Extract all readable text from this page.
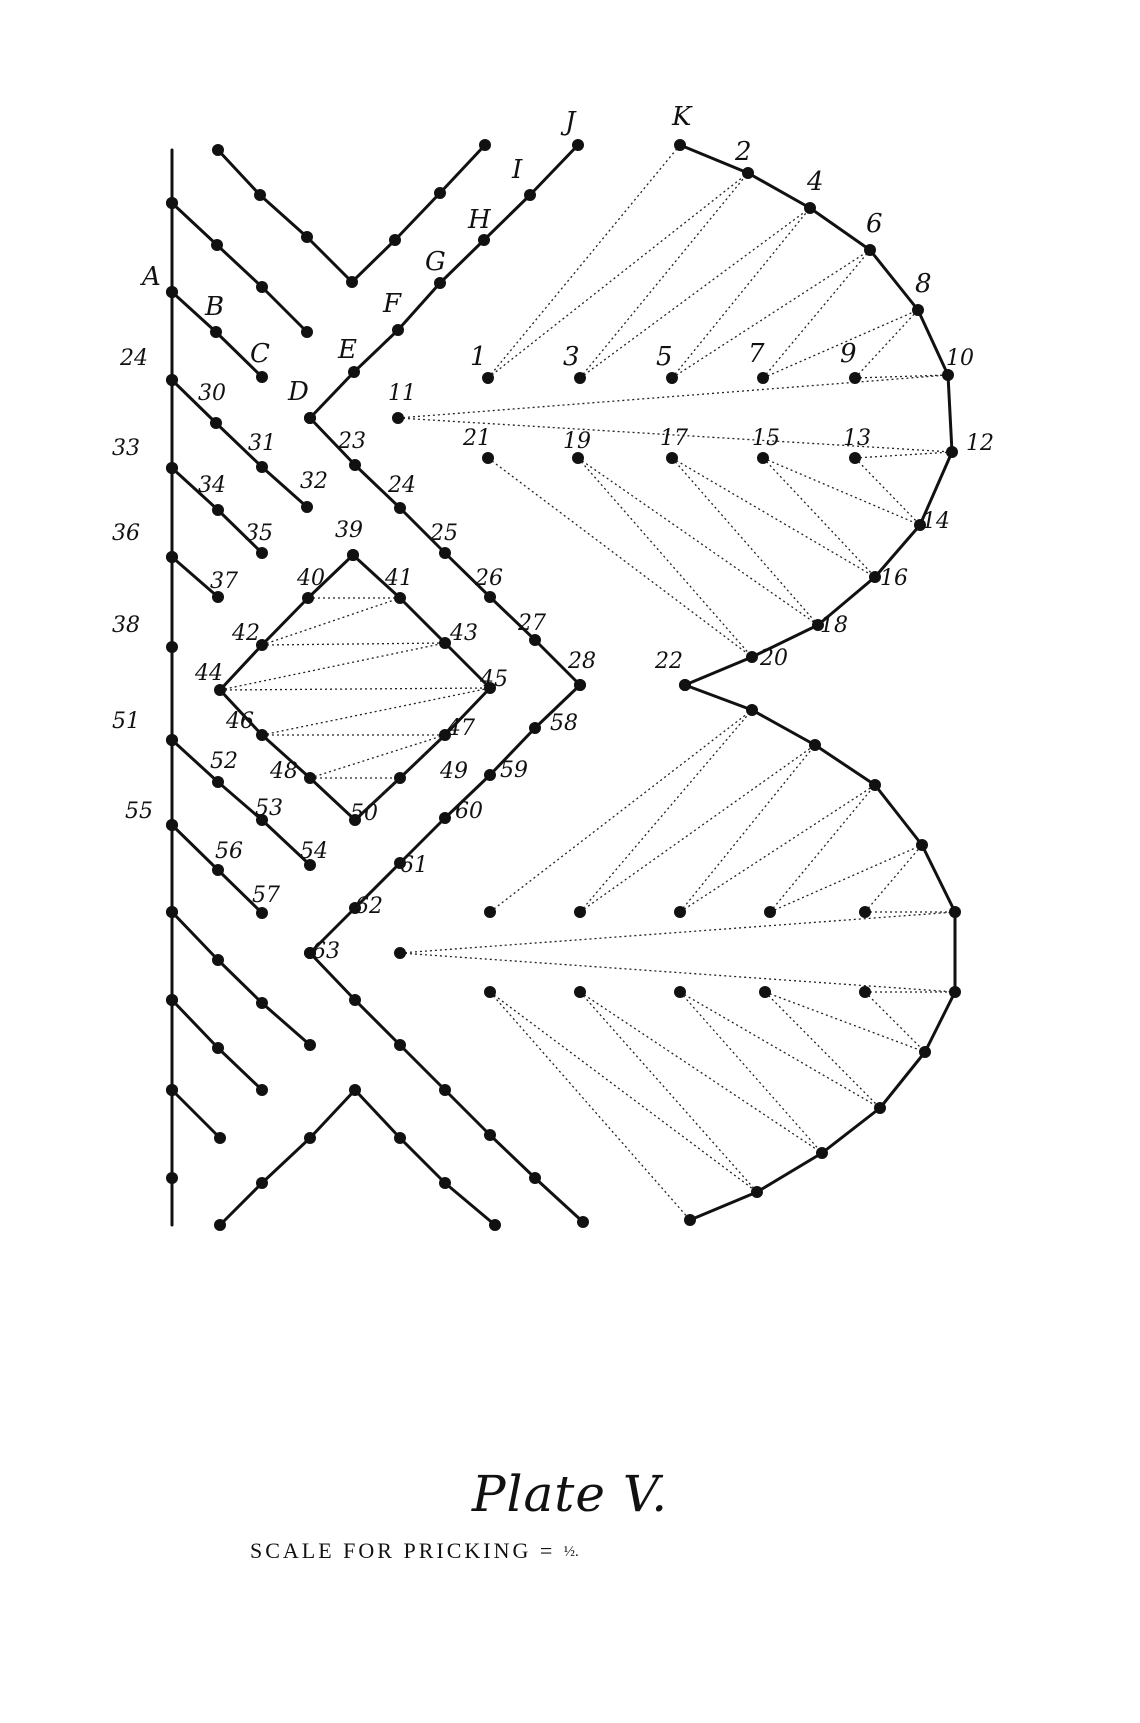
J	K
I
H
G
F
E
D
A
B
C
2
4
6
8
10
12
14
16
18
20
22
1	3	5	7	9
11
21	19	17	15	13
24
30
31
32
23
33
34
35
24
25
36
37
39
40	41	26
27
28
38	42	43
44	45
46	47
48	49
50
58
59
60
51
52
53
54
55
56
57
61
62
63
Plate V.
SCALE FOR PRICKING = ½.
